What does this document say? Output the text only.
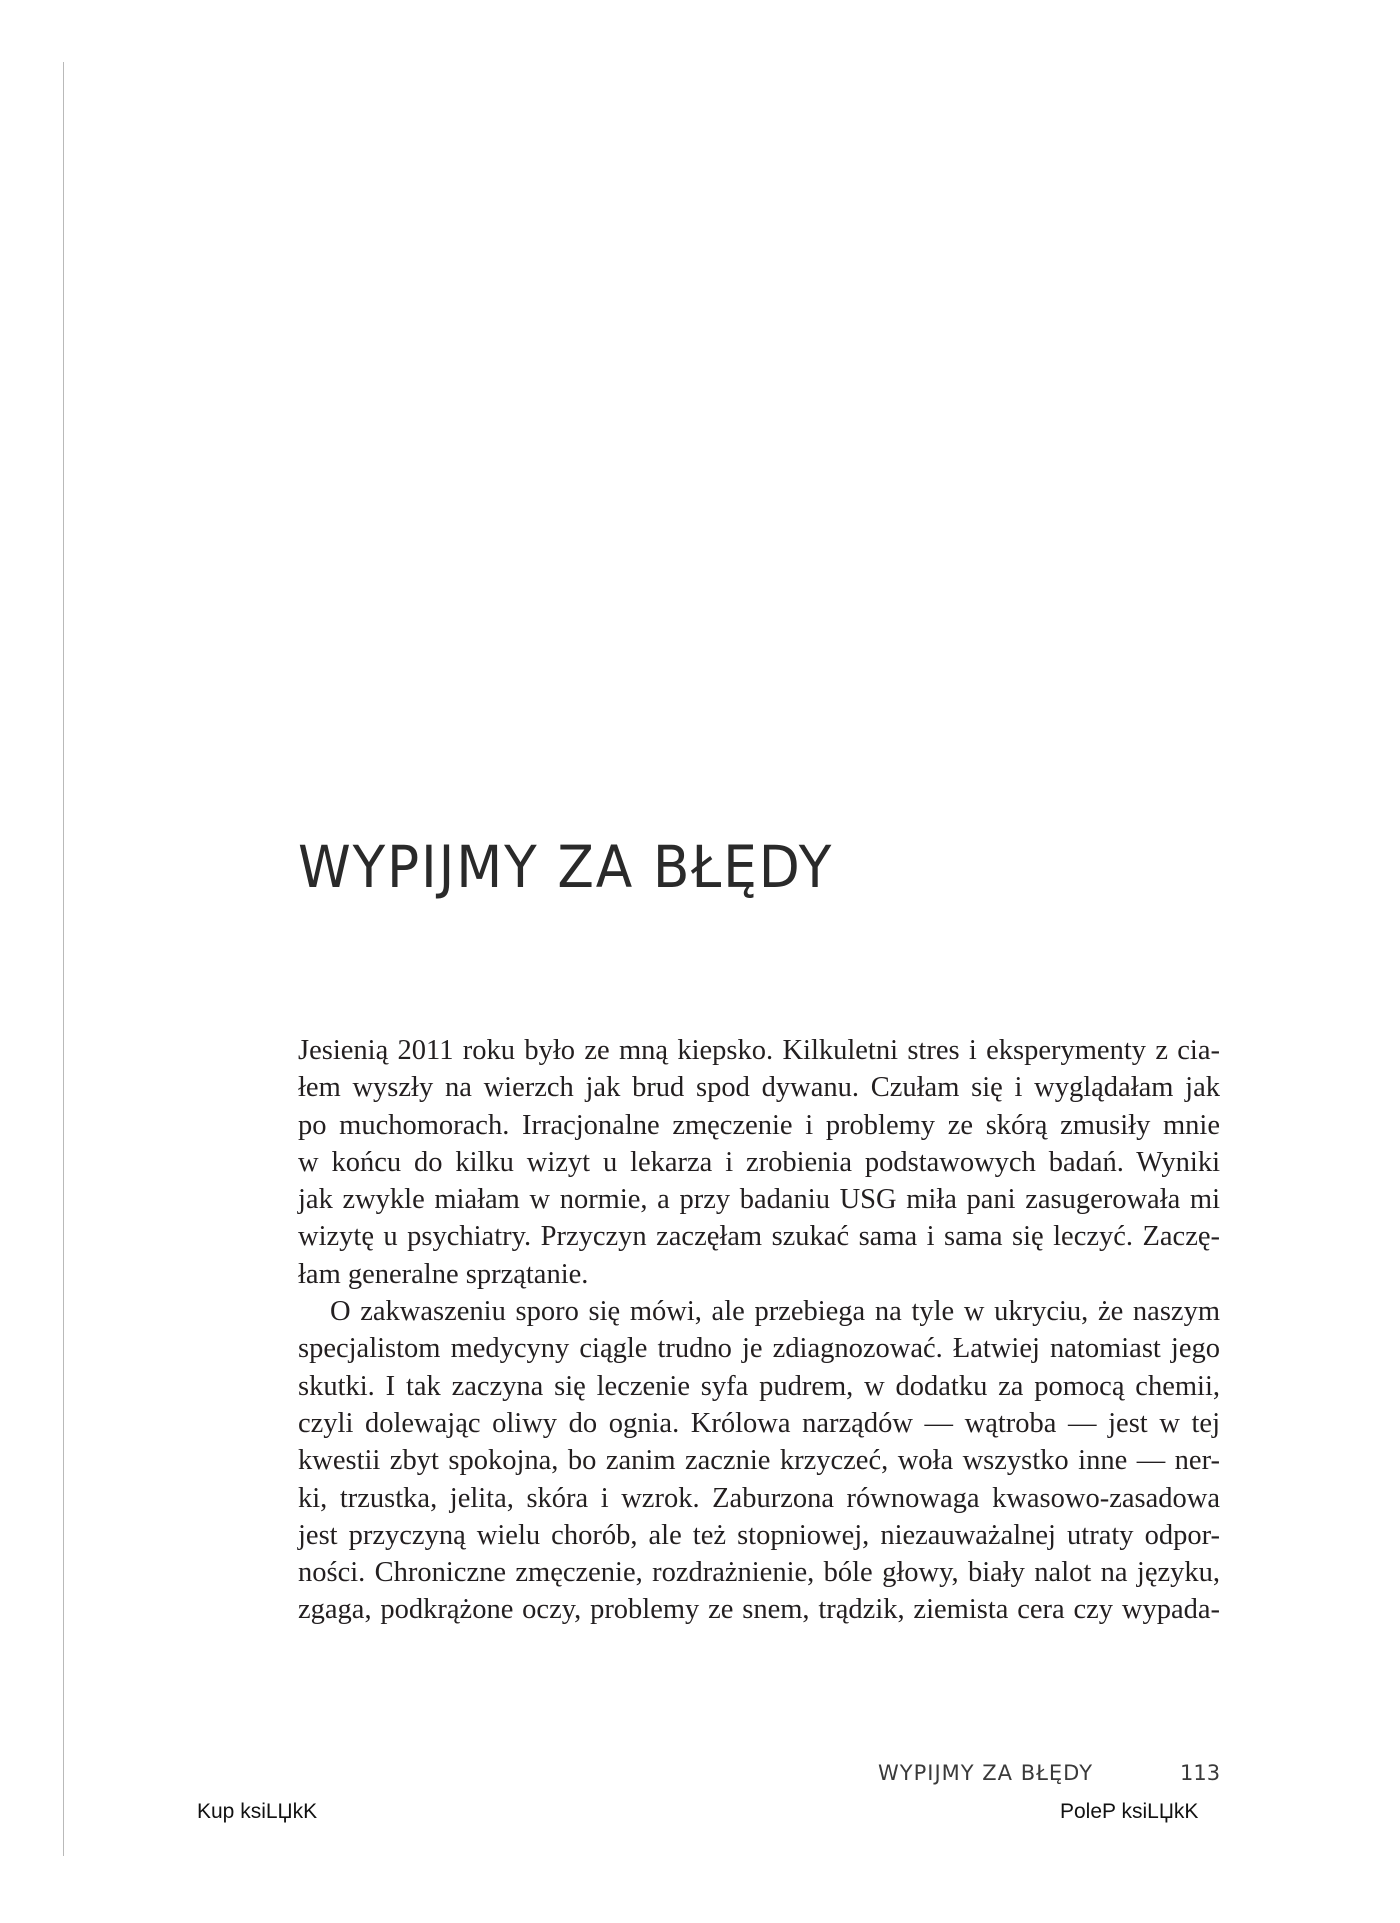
WYPIJMY ZA BŁĘDY

Jesienią 2011 roku było ze mną kiepsko. Kilkuletni stres i eksperymenty z cia-
łem wyszły na wierzch jak brud spod dywanu. Czułam się i wyglądałam jak
po muchomorach. Irracjonalne zmęczenie i problemy ze skórą zmusiły mnie
w końcu do kilku wizyt u lekarza i zrobienia podstawowych badań. Wyniki
jak zwykle miałam w normie, a przy badaniu USG miła pani zasugerowała mi
wizytę u psychiatry. Przyczyn zaczęłam szukać sama i sama się leczyć. Zaczę-
łam generalne sprzątanie.

O zakwaszeniu sporo się mówi, ale przebiega na tyle w ukryciu, że naszym
specjalistom medycyny ciągle trudno je zdiagnozować. Łatwiej natomiast jego
skutki. I tak zaczyna się leczenie syfa pudrem, w dodatku za pomocą chemii,
czyli dolewając oliwy do ognia. Królowa narządów — wątroba — jest w tej
kwestii zbyt spokojna, bo zanim zacznie krzyczeć, woła wszystko inne — ner-
ki, trzustka, jelita, skóra i wzrok. Zaburzona równowaga kwasowo-zasadowa
jest przyczyną wielu chorób, ale też stopniowej, niezauważalnej utraty odpor-
ności. Chroniczne zmęczenie, rozdrażnienie, bóle głowy, biały nalot na języku,
zgaga, podkrążone oczy, problemy ze snem, trądzik, ziemista cera czy wypada-

WYPIJMY ZA BŁĘDY	113
Kup ksiLЏkK	PoleP ksiLЏkK
